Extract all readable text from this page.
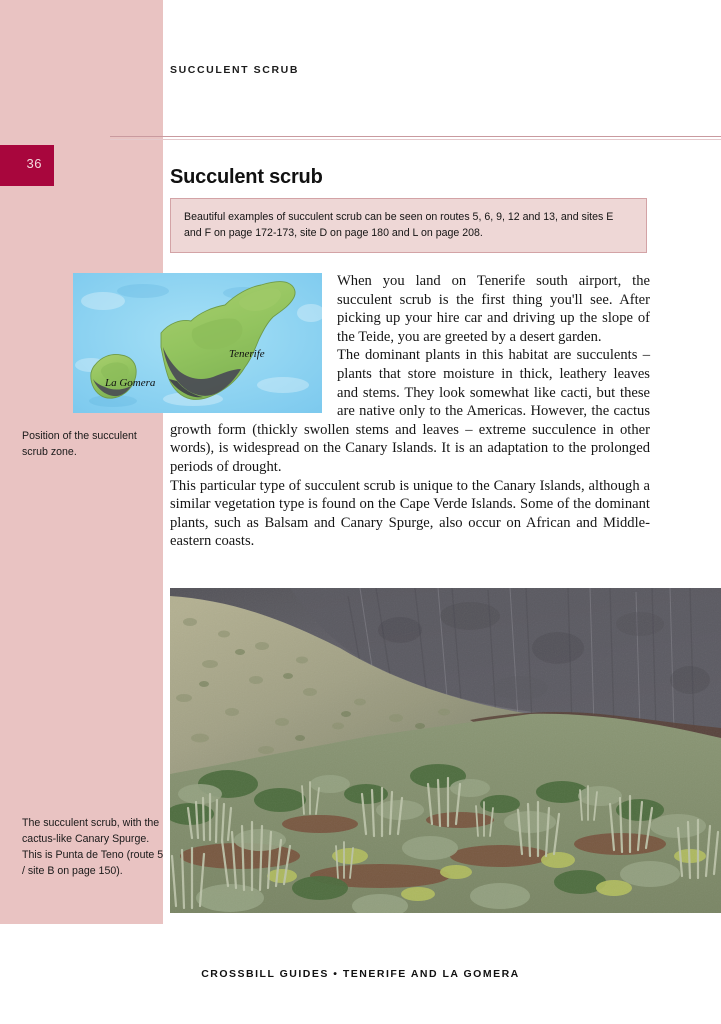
36
SUCCULENT SCRUB
Succulent scrub

Beautiful examples of succulent scrub can be seen on routes 5, 6, 9, 12 and 13, and sites E and F on page 172-173, site D on page 180 and L on page 208.

Tenerife
La Gomera
Position of the succulent scrub zone.

When you land on Tenerife south airport, the succulent scrub is the first thing you'll see. After picking up your hire car and driving up the slope of the Teide, you are greeted by a desert garden.

The dominant plants in this habitat are succulents – plants that store moisture in thick, leathery leaves and stems. They look somewhat like cacti, but these are native only to the Americas. However, the cactus growth form (thickly swollen stems and leaves – extreme succulence in other words), is widespread on the Canary Islands. It is an adaptation to the prolonged periods of drought.

This particular type of succulent scrub is unique to the Canary Islands, although a similar vegetation type is found on the Cape Verde Islands. Some of the dominant plants, such as Balsam and Canary Spurge, also occur on African and Middle-eastern coasts.

The succulent scrub, with the cactus-like Canary Spurge.
This is Punta de Teno (route 5 / site B on page 150).
CROSSBILL GUIDES • TENERIFE AND LA GOMERA
